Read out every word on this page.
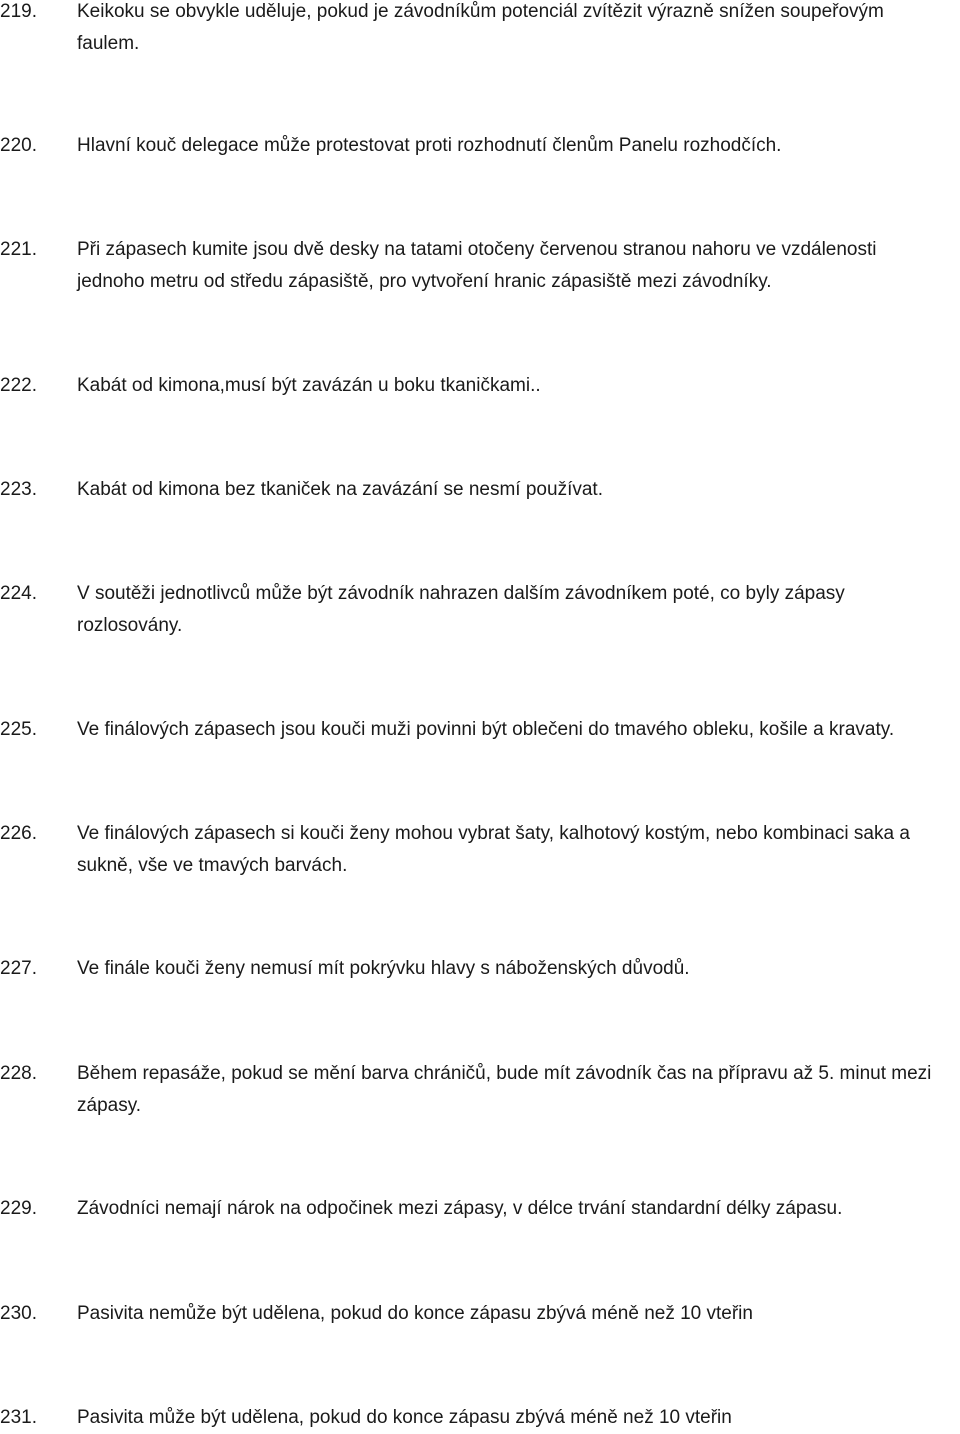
219. Keikoku se obvykle uděluje, pokud je závodníkům potenciál zvítězit výrazně snížen soupeřovým
faulem.
220. Hlavní kouč delegace může protestovat proti rozhodnutí členům Panelu rozhodčích.
221. Při zápasech kumite jsou dvě desky na tatami otočeny červenou stranou nahoru ve vzdálenosti
jednoho metru od středu zápasiště, pro vytvoření hranic zápasiště mezi závodníky.
222. Kabát od kimona,musí být zavázán u boku tkaničkami..
223. Kabát od kimona bez tkaniček na zavázání se nesmí používat.
224. V soutěži jednotlivců může být závodník nahrazen dalším závodníkem poté, co byly zápasy
rozlosovány.
225. Ve finálových zápasech jsou kouči muži povinni být oblečeni do tmavého obleku, košile a kravaty.
226. Ve finálových zápasech si kouči ženy mohou vybrat šaty, kalhotový kostým, nebo kombinaci saka a
sukně, vše ve tmavých barvách.
227. Ve finále kouči ženy nemusí mít pokrývku hlavy s náboženských důvodů.
228. Během repasáže, pokud se mění barva chráničů, bude mít závodník čas na přípravu až 5. minut mezi
zápasy.
229. Závodníci nemají nárok na odpočinek mezi zápasy, v délce trvání standardní délky zápasu.
230. Pasivita nemůže být udělena, pokud do konce zápasu zbývá méně než 10 vteřin
231. Pasivita může být udělena, pokud do konce zápasu zbývá méně než 10 vteřin
